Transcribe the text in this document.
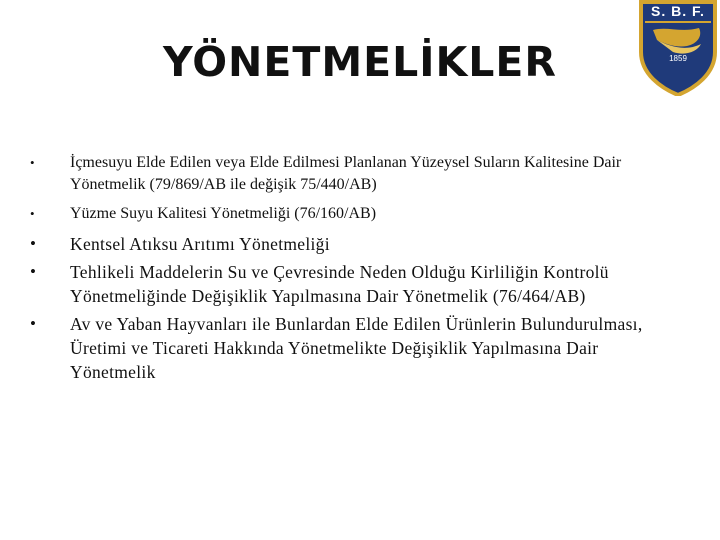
YÖNETMELİKLER
S. B. F.
1859
• İçmesuyu Elde Edilen veya Elde Edilmesi Planlanan Yüzeysel Suların Kalitesine Dair Yönetmelik (79/869/AB ile değişik 75/440/AB)
• Yüzme Suyu Kalitesi Yönetmeliği (76/160/AB)
• Kentsel Atıksu Arıtımı Yönetmeliği
• Tehlikeli Maddelerin Su ve Çevresinde Neden Olduğu Kirliliğin Kontrolü Yönetmeliğinde Değişiklik Yapılmasına Dair Yönetmelik (76/464/AB)
• Av ve Yaban Hayvanları ile Bunlardan Elde Edilen Ürünlerin Bulundurulması, Üretimi ve Ticareti Hakkında Yönetmelikte Değişiklik Yapılmasına Dair Yönetmelik
